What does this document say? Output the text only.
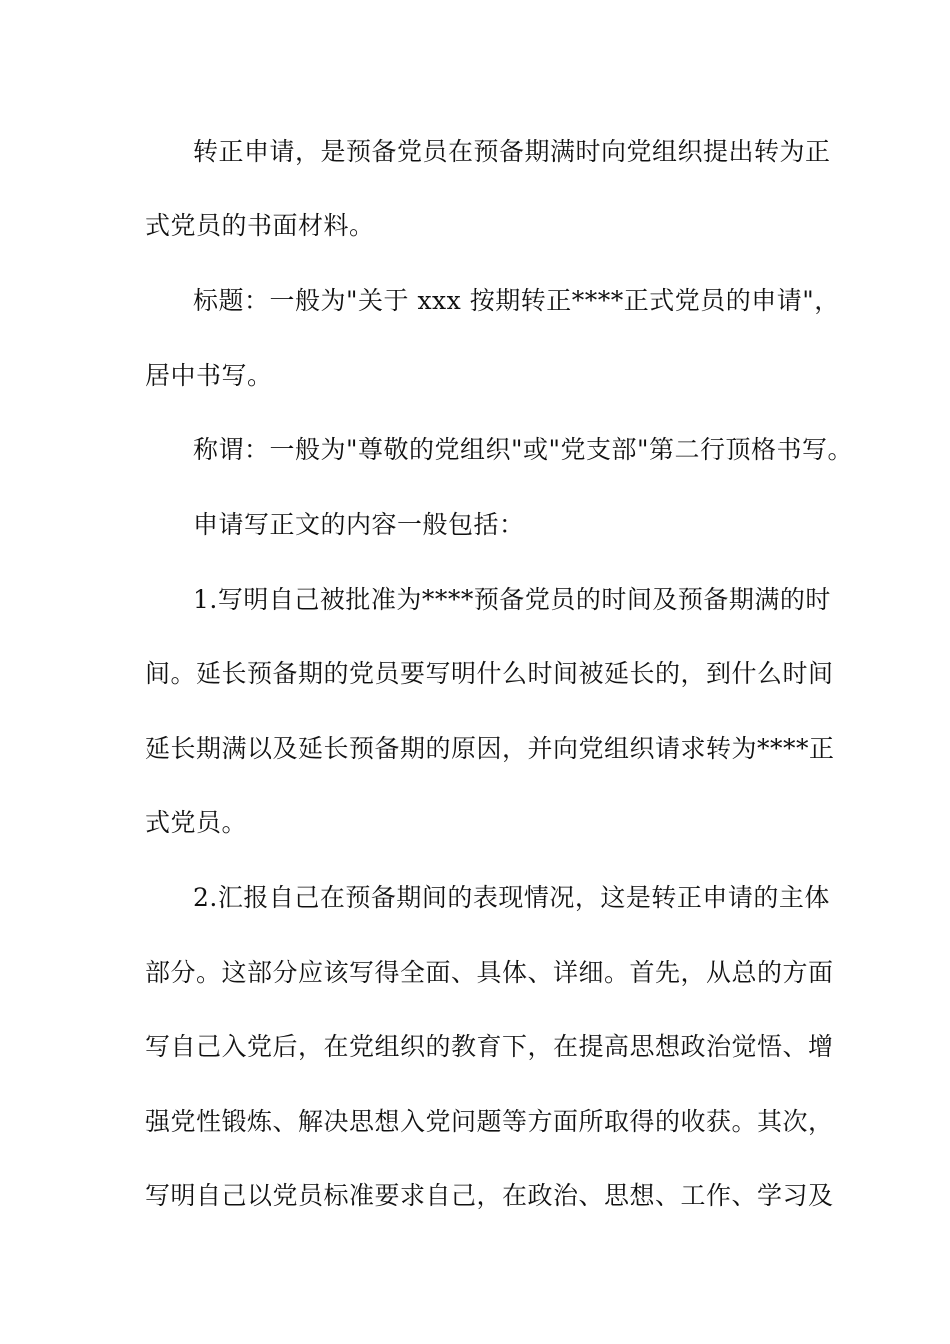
转正申请，是预备党员在预备期满时向党组织提出转为正
式党员的书面材料。
标题：一般为"关于 xxx 按期转正****正式党员的申请"，
居中书写。
称谓：一般为"尊敬的党组织"或"党支部"第二行顶格书写。
申请写正文的内容一般包括：
1.写明自己被批准为****预备党员的时间及预备期满的时
间。延长预备期的党员要写明什么时间被延长的，到什么时间
延长期满以及延长预备期的原因，并向党组织请求转为****正
式党员。
2.汇报自己在预备期间的表现情况，这是转正申请的主体
部分。这部分应该写得全面、具体、详细。首先，从总的方面
写自己入党后，在党组织的教育下，在提高思想政治觉悟、增
强党性锻炼、解决思想入党问题等方面所取得的收获。其次，
写明自己以党员标准要求自己，在政治、思想、工作、学习及
